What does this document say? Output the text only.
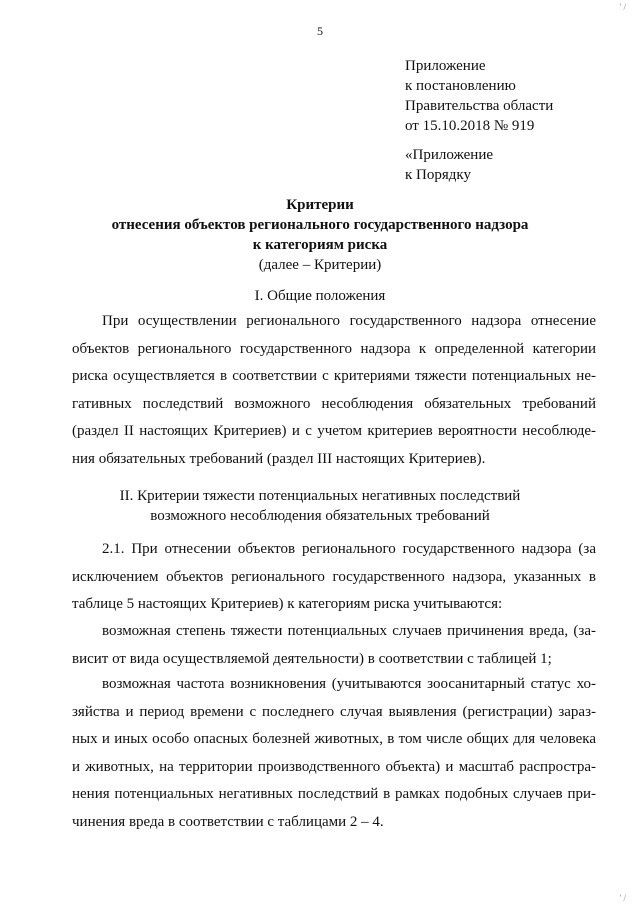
5
' /
' /
Приложение
к постановлению
Правительства области
от 15.10.2018 № 919
«Приложение
к Порядку
Критерии
отнесения объектов регионального государственного надзора
к категориям риска
(далее – Критерии)
I. Общие положения
При осуществлении регионального государственного надзора отнесение
объектов регионального государственного надзора к определенной категории
риска осуществляется в соответствии с критериями тяжести потенциальных не-
гативных последствий возможного несоблюдения обязательных требований
(раздел II настоящих Критериев) и с учетом критериев вероятности несоблюде-
ния обязательных требований (раздел III настоящих Критериев).
II. Критерии тяжести потенциальных негативных последствий
возможного несоблюдения обязательных требований
2.1. При отнесении объектов регионального государственного надзора (за
исключением объектов регионального государственного надзора, указанных в
таблице 5 настоящих Критериев) к категориям риска учитываются:
возможная степень тяжести потенциальных случаев причинения вреда, (за-
висит от вида осуществляемой деятельности) в соответствии с таблицей 1;
возможная частота возникновения (учитываются зоосанитарный статус хо-
зяйства и период времени с последнего случая выявления (регистрации) зараз-
ных и иных особо опасных болезней животных, в том числе общих для человека
и животных, на территории производственного объекта) и масштаб распростра-
нения потенциальных негативных последствий в рамках подобных случаев при-
чинения вреда в соответствии с таблицами 2 – 4.
